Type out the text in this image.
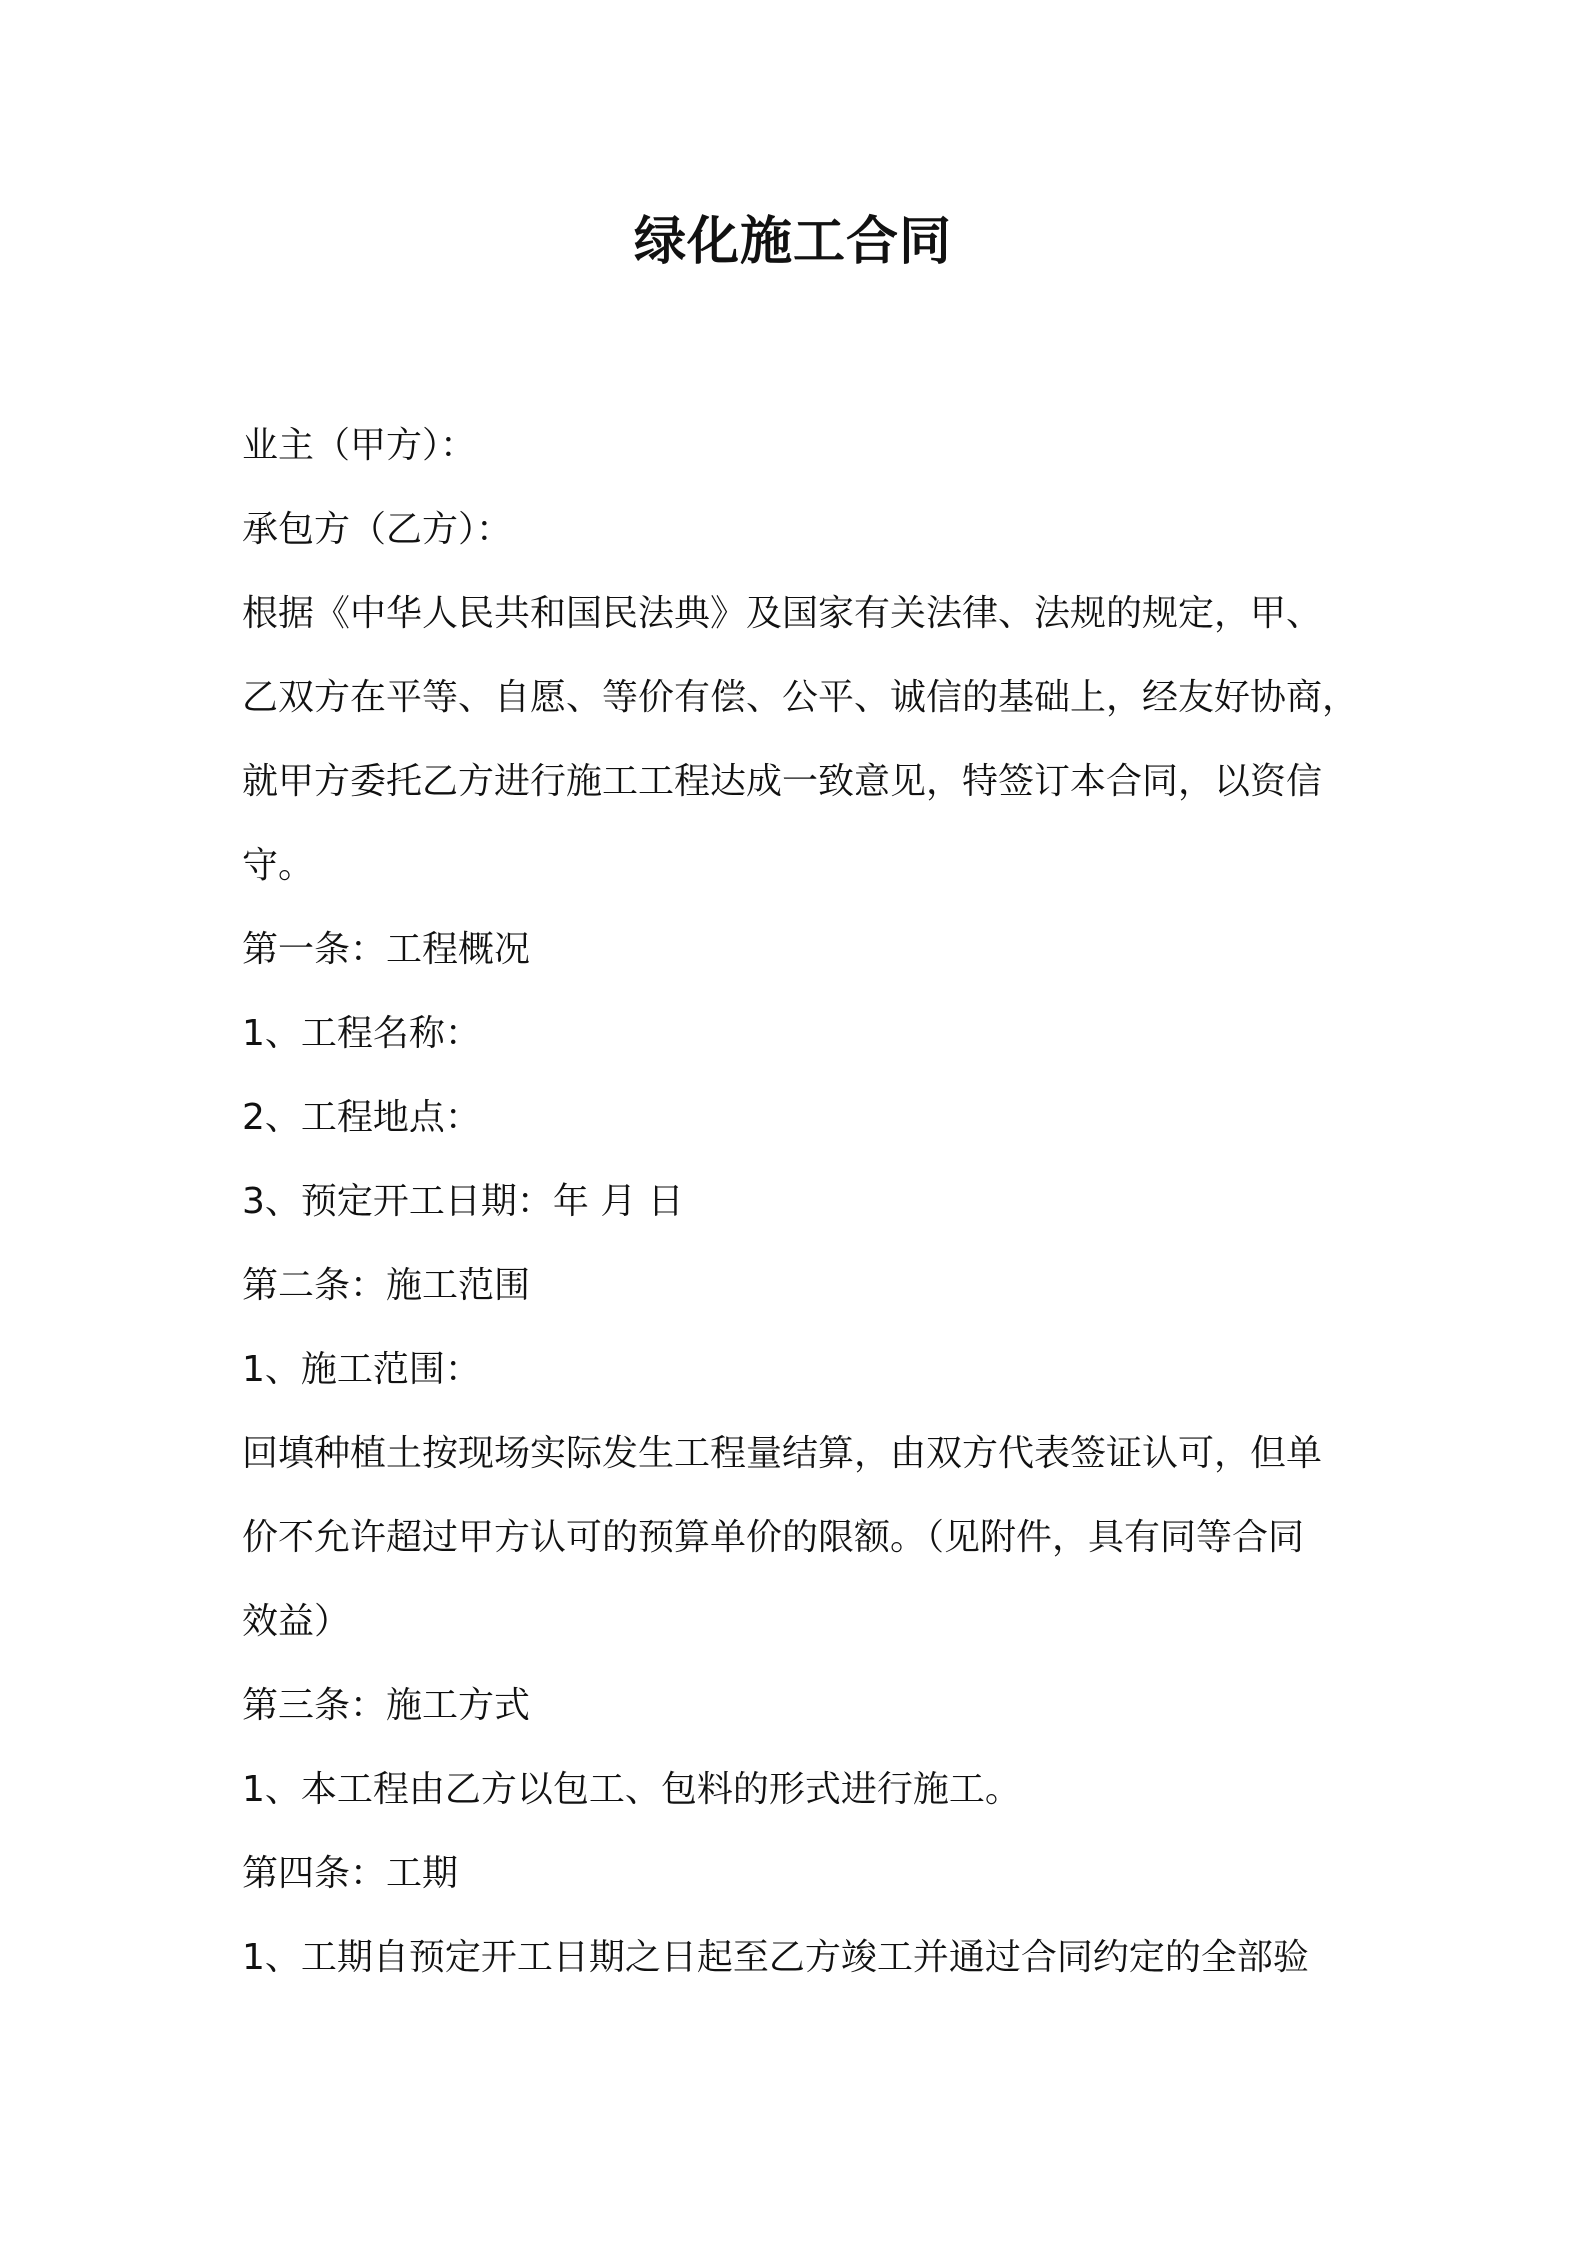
绿化施工合同

业主（甲方）：

承包方（乙方）：

根据《中华人民共和国民法典》及国家有关法律、法规的规定，甲、

乙双方在平等、自愿、等价有偿、公平、诚信的基础上，经友好协商，

就甲方委托乙方进行施工工程达成一致意见，特签订本合同，以资信

守。

第一条：工程概况

1、工程名称：

2、工程地点：

3、预定开工日期：年 月 日

第二条：施工范围

1、施工范围：

回填种植土按现场实际发生工程量结算，由双方代表签证认可，但单

价不允许超过甲方认可的预算单价的限额。（见附件，具有同等合同

效益）

第三条：施工方式

1、本工程由乙方以包工、包料的形式进行施工。

第四条：工期

1、工期自预定开工日期之日起至乙方竣工并通过合同约定的全部验
